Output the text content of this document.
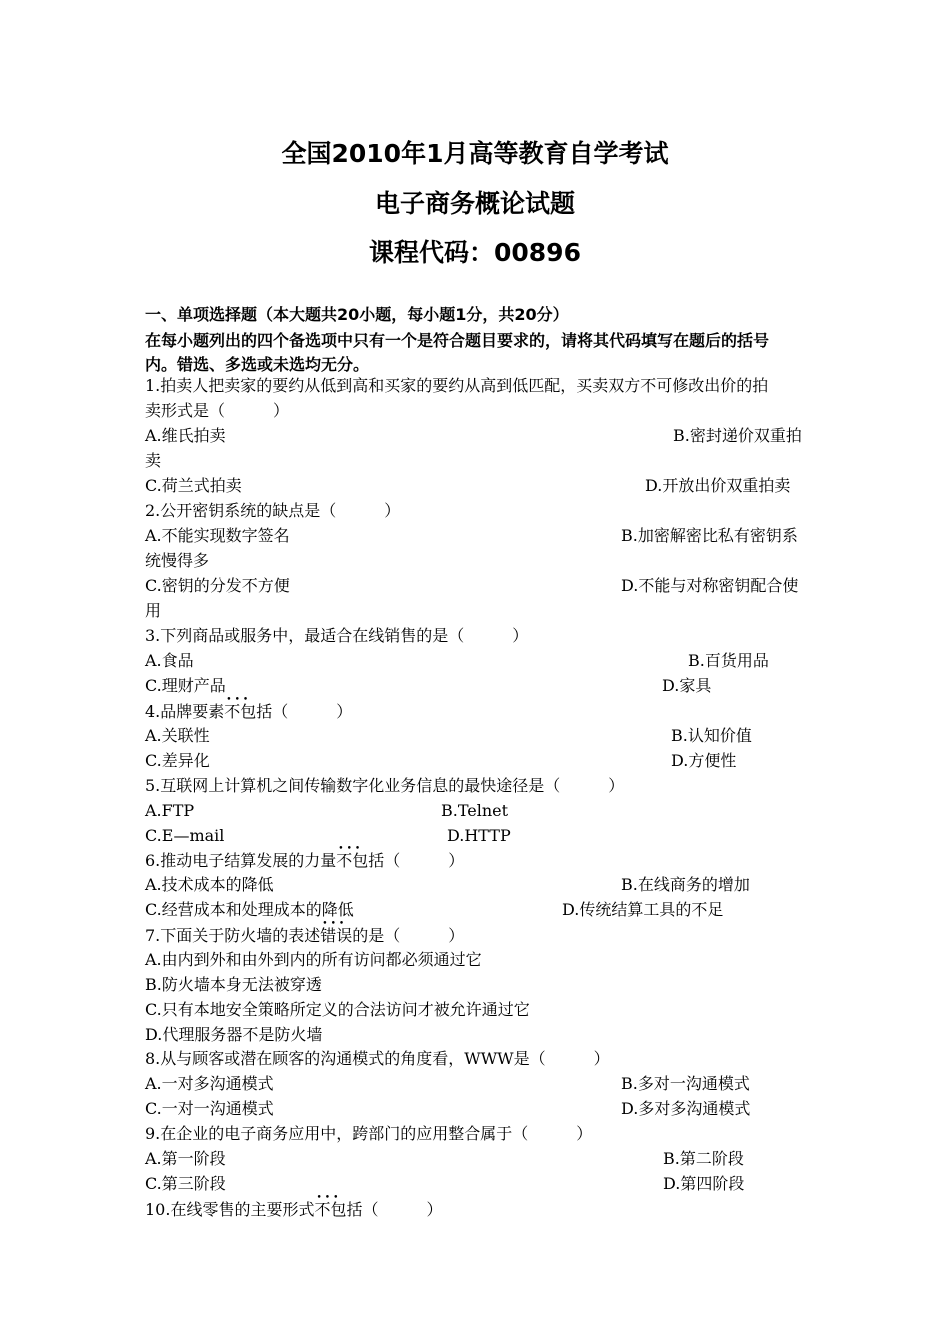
全国2010年1月高等教育自学考试
电子商务概论试题
课程代码：00896
一、单项选择题（本大题共20小题，每小题1分，共20分）
在每小题列出的四个备选项中只有一个是符合题目要求的，请将其代码填写在题后的括号
内。错选、多选或未选均无分。
1.拍卖人把卖家的要约从低到高和买家的要约从高到低匹配，买卖双方不可修改出价的拍
卖形式是（　　　）
A.维氏拍卖	B.密封递价双重拍
卖
C.荷兰式拍卖	D.开放出价双重拍卖
2.公开密钥系统的缺点是（　　　）
A.不能实现数字签名	B.加密解密比私有密钥系
统慢得多
C.密钥的分发不方便	D.不能与对称密钥配合使
用
3.下列商品或服务中，最适合在线销售的是（　　　）
A.食品	B.百货用品
C.理财产品	D.家具
4.品牌要素••• 不包括（　　　）
A.关联性	B.认知价值
C.差异化	D.方便性
5.互联网上计算机之间传输数字化业务信息的最快途径是（　　　）
A.FTP	B.Telnet
C.E—mail	D.HTTP
6.推动电子结算发展的力量••• 不包括（　　　）
A.技术成本的降低	B.在线商务的增加
C.经营成本和处理成本的降低	D.传统结算工具的不足
7.下面关于防火墙的表述••• 错误的是（　　　）
A.由内到外和由外到内的所有访问都必须通过它
B.防火墙本身无法被穿透
C.只有本地安全策略所定义的合法访问才被允许通过它
D.代理服务器不是防火墙
8.从与顾客或潜在顾客的沟通模式的角度看，WWW是（　　　）
A.一对多沟通模式	B.多对一沟通模式
C.一对一沟通模式	D.多对多沟通模式
9.在企业的电子商务应用中，跨部门的应用整合属于（　　　）
A.第一阶段	B.第二阶段
C.第三阶段	D.第四阶段
10.在线零售的主要形式••• 不包括（　　　）
